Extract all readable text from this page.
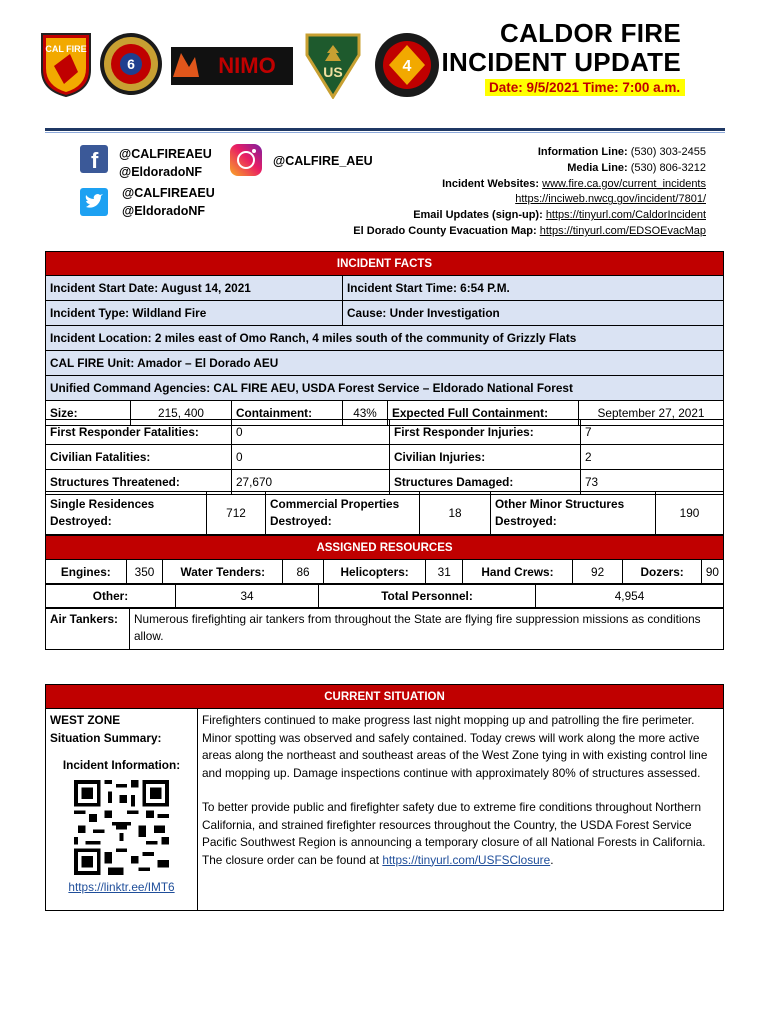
CAL FIRE
6	NIMO	US	4
CALDOR FIRE
INCIDENT UPDATE
Date: 9/5/2021 Time: 7:00 a.m.
f @CALFIREAEU
@EldoradoNF
@CALFIRE_AEU
@CALFIREAEU
@EldoradoNF
Information Line: (530) 303-2455
Media Line: (530) 806-3212
Incident Websites: www.fire.ca.gov/current_incidents
https://inciweb.nwcg.gov/incident/7801/
Email Updates (sign-up): https://tinyurl.com/CaldorIncident
El Dorado County Evacuation Map: https://tinyurl.com/EDSOEvacMap
INCIDENT FACTS					
Incident Start Date: August 14, 2021			Incident Start Time: 6:54 P.M.		
Incident Type: Wildland Fire			Cause: Under Investigation		
Incident Location: 2 miles east of Omo Ranch, 4 miles south of the community of Grizzly Flats					
CAL FIRE Unit: Amador – El Dorado AEU					
Unified Command Agencies: CAL FIRE AEU, USDA Forest Service – Eldorado National Forest					
Size:	215, 400	Containment:	43%	Expected Full Containment:	September 27, 2021
First Responder Fatalities:	0	First Responder Injuries:	7
Civilian Fatalities:	0	Civilian Injuries:	2
Structures Threatened:	27,670	Structures Damaged:	73
Single Residences Destroyed:	712	Commercial Properties Destroyed:	18	Other Minor Structures Destroyed:	190
ASSIGNED RESOURCES
Engines:	350	Water Tenders:	86	Helicopters:	31	Hand Crews:	92	Dozers:	90
Other:	34	Total Personnel:	4,954
Air Tankers:	Numerous firefighting air tankers from throughout the State are flying fire suppression missions as conditions allow.
CURRENT SITUATION

WEST ZONE
Situation Summary:
Incident Information:
https://linktr.ee/IMT6

Firefighters continued to make progress last night mopping up and patrolling the fire perimeter. Minor spotting was observed and safely contained. Today crews will work along the more active areas along the northeast and southeast areas of the West Zone tying in with existing control line and mopping up. Damage inspections continue with approximately 80% of structures assessed.
To better provide public and firefighter safety due to extreme fire conditions throughout Northern California, and strained firefighter resources throughout the Country, the USDA Forest Service Pacific Southwest Region is announcing a temporary closure of all National Forests in California. The closure order can be found at https://tinyurl.com/USFSClosure.
